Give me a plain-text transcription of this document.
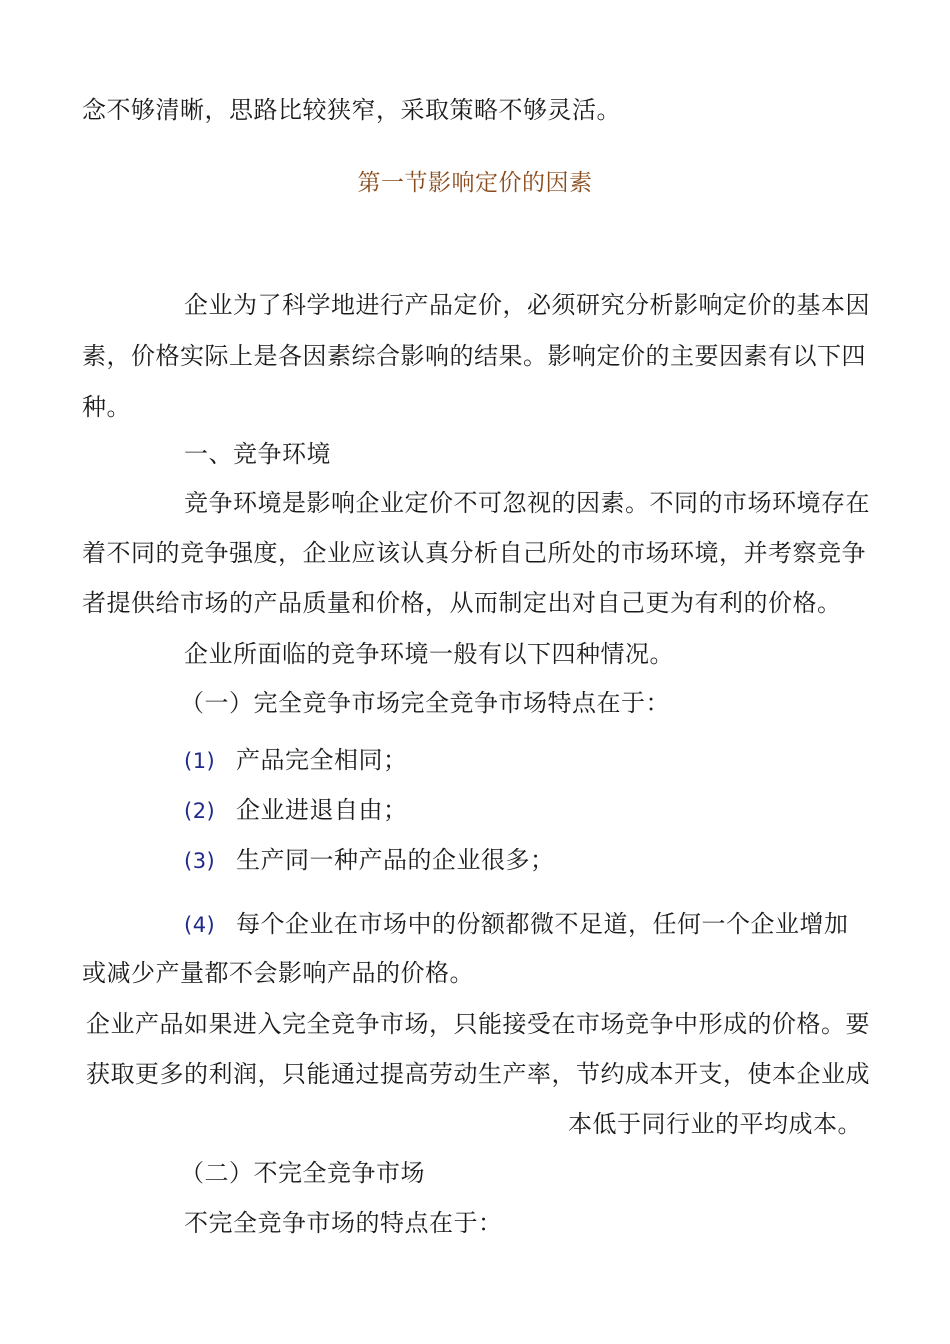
念不够清晰，思路比较狭窄，采取策略不够灵活。
第一节影响定价的因素
企业为了科学地进行产品定价，必须研究分析影响定价的基本因
素，价格实际上是各因素综合影响的结果。影响定价的主要因素有以下四
种。
一、竞争环境
竞争环境是影响企业定价不可忽视的因素。不同的市场环境存在
着不同的竞争强度，企业应该认真分析自己所处的市场环境，并考察竞争
者提供给市场的产品质量和价格，从而制定出对自己更为有利的价格。
企业所面临的竞争环境一般有以下四种情况。
（一）完全竞争市场完全竞争市场特点在于：
(1) 产品完全相同；
(2) 企业进退自由；
(3) 生产同一种产品的企业很多；
(4) 每个企业在市场中的份额都微不足道，任何一个企业增加
或减少产量都不会影响产品的价格。
企业产品如果进入完全竞争市场，只能接受在市场竞争中形成的价格。要
获取更多的利润，只能通过提高劳动生产率，节约成本开支，使本企业成
本低于同行业的平均成本。
（二）不完全竞争市场
不完全竞争市场的特点在于：
